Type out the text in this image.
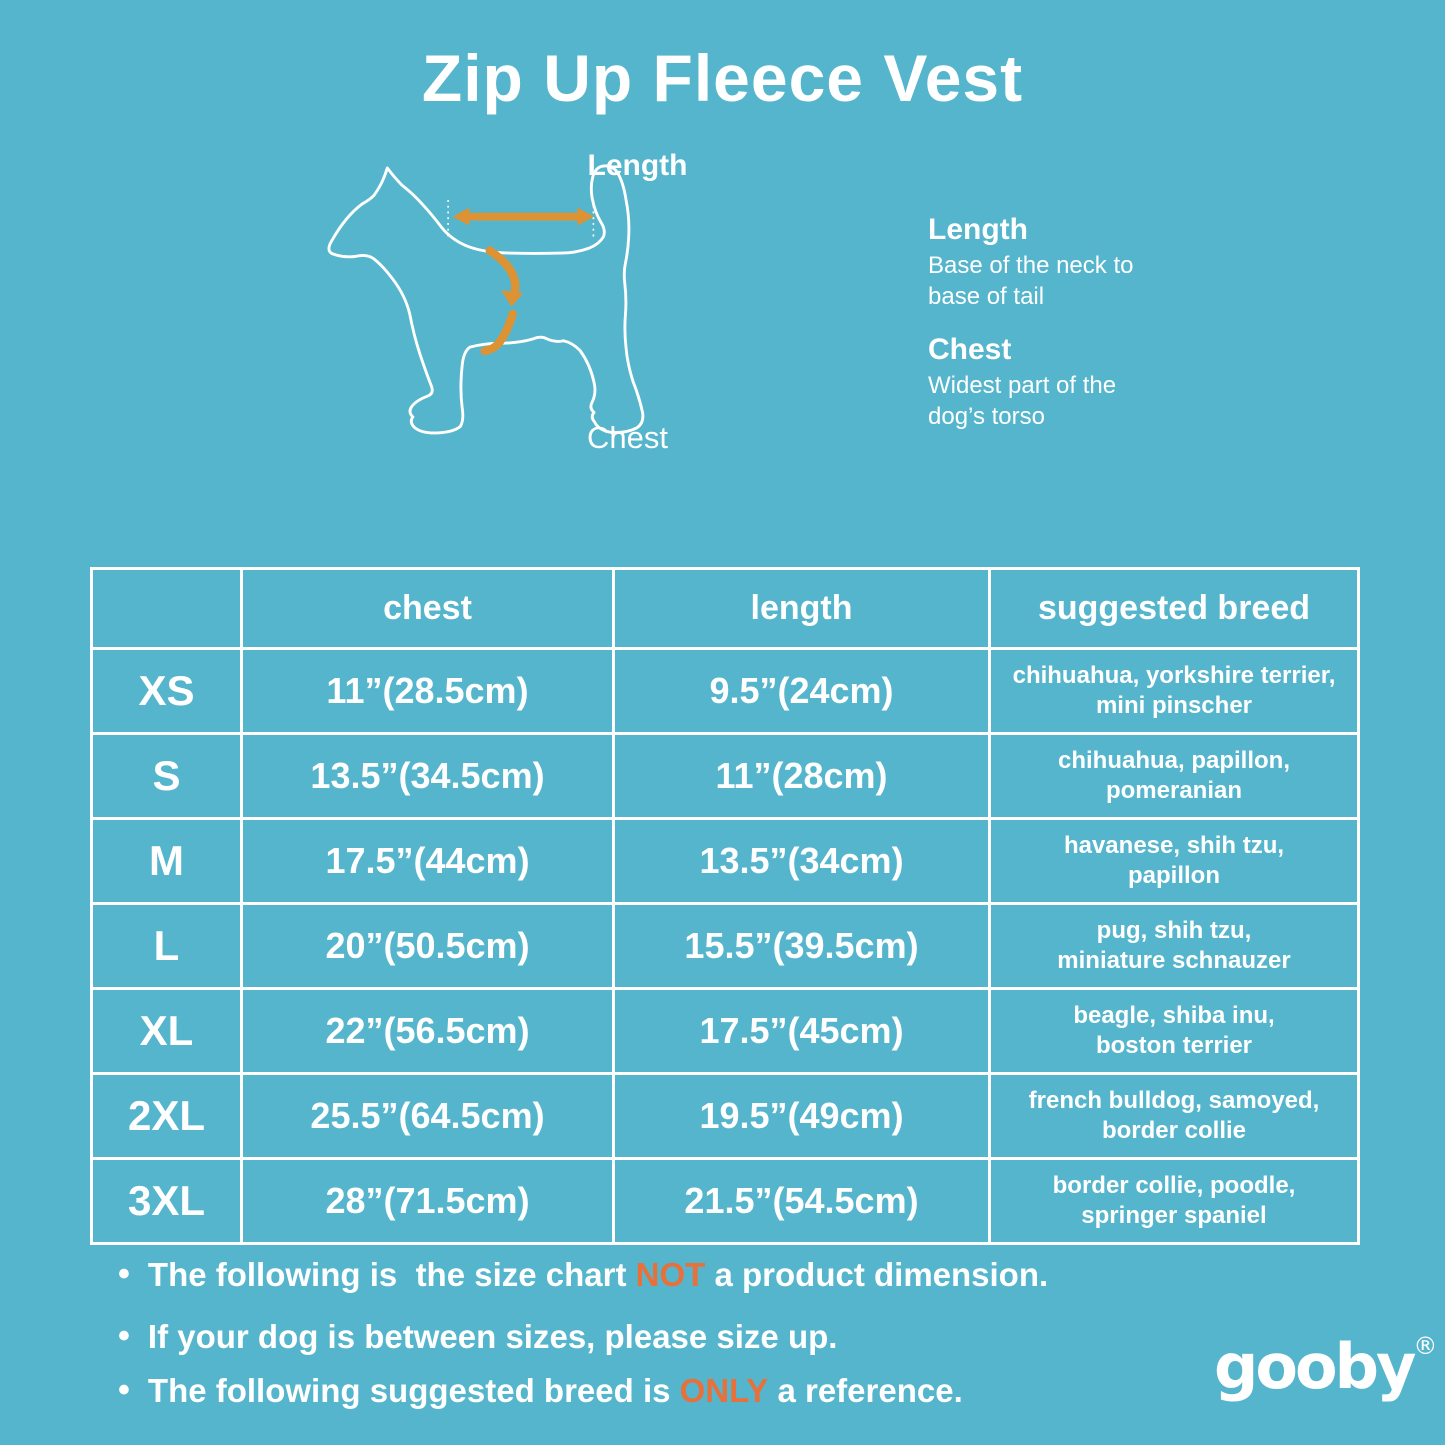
Zip Up Fleece Vest
Length
Chest
Length
Base of the neck to
base of tail
Chest
Widest part of the
dog’s torso
	chest	length	suggested breed
XS	11”(28.5cm)	9.5”(24cm)	chihuahua, yorkshire terrier,
mini pinscher

S	13.5”(34.5cm)	11”(28cm)	chihuahua, papillon,
pomeranian

M	17.5”(44cm)	13.5”(34cm)	havanese, shih tzu,
papillon

L	20”(50.5cm)	15.5”(39.5cm)	pug, shih tzu,
miniature schnauzer

XL	22”(56.5cm)	17.5”(45cm)	beagle, shiba inu,
boston terrier

2XL	25.5”(64.5cm)	19.5”(49cm)	french bulldog, samoyed,
border collie

3XL	28”(71.5cm)	21.5”(54.5cm)	border collie, poodle,
springer spaniel
• The following is  the size chart NOT a product dimension.
• If your dog is between sizes, please size up.
• The following suggested breed is ONLY a reference.	gooby®
